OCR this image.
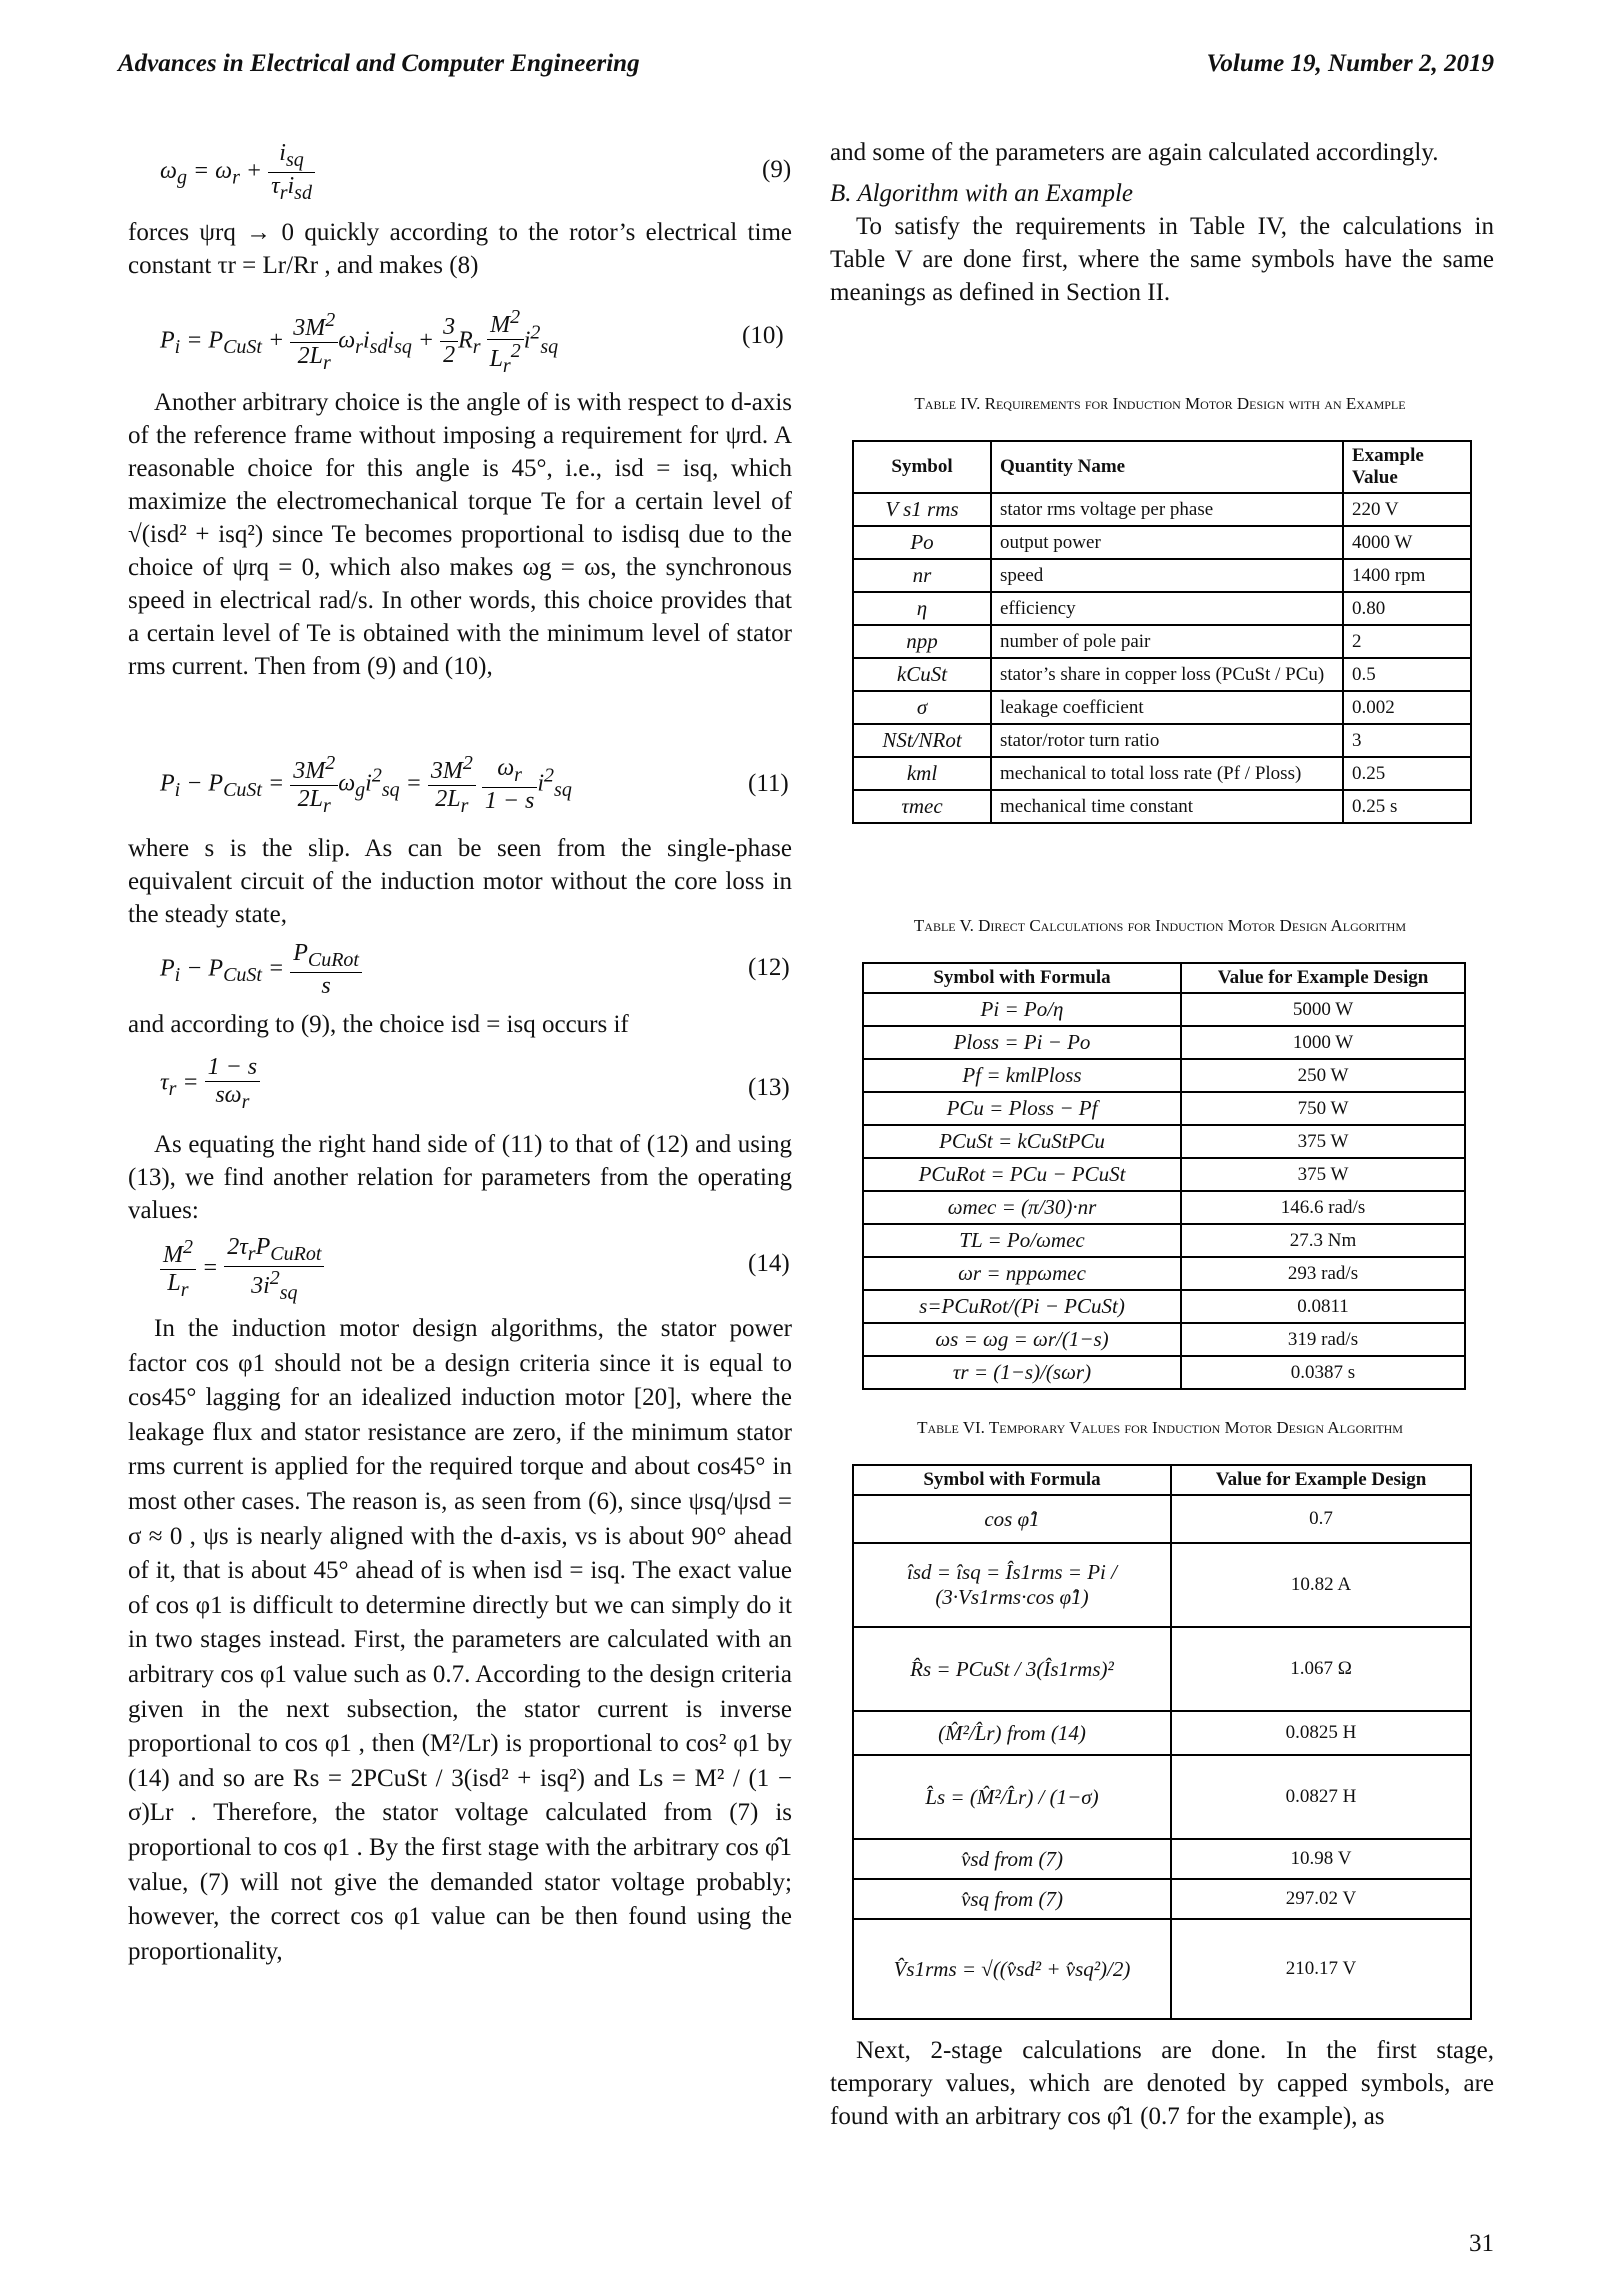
Advances in Electrical and Computer Engineering	Volume 19, Number 2, 2019
$\omega_g = \omega_r + \frac{i_{sq}}{\tau_ri_{sd}}$	(9)

forces ψrq → 0 quickly according to the rotor’s electrical time constant τr = Lr/Rr , and makes (8)

$P_i = P_{CuSt} + \frac{3M^2}{2L_r} \omega_ri_{sd}i_{sq} + \frac{3}{2} R_r \frac{M^2}{L_r^2} i^2_{sq}$	(10)

Another arbitrary choice is the angle of is with respect to d-axis of the reference frame without imposing a requirement for ψrd. A reasonable choice for this angle is 45°, i.e., isd = isq, which maximize the electromechanical torque Te for a certain level of √(isd² + isq²) since Te becomes proportional to isdisq due to the choice of ψrq = 0, which also makes ωg = ωs, the synchronous speed in electrical rad/s. In other words, this choice provides that a certain level of Te is obtained with the minimum level of stator rms current. Then from (9) and (10),

$P_i - P_{CuSt} = \frac{3M^2}{2L_r} \omega_gi^2_{sq} = \frac{3M^2}{2L_r}$
$\frac{\omega_r}{1 - s} i^2_{sq}$	(11)

where s is the slip. As can be seen from the single-phase equivalent circuit of the induction motor without the core loss in the steady state,

$P_i - P_{CuSt} = \frac{P_{CuRot}}{s}$	(12)

and according to (9), the choice isd = isq occurs if

$\tau_r = \frac{1 - s}{s\omega_r}$	(13)

As equating the right hand side of (11) to that of (12) and using (13), we find another relation for parameters from the operating values:

$\frac{M^2}{L_r} = \frac{2\tau_rP_{CuRot}}{3i^2_{sq}}$	(14)

In the induction motor design algorithms, the stator power factor cos φ1 should not be a design criteria since it is equal to cos45° lagging for an idealized induction motor [20], where the leakage flux and stator resistance are zero, if the minimum stator rms current is applied for the required torque and about cos45° in most other cases. The reason is, as seen from (6), since ψsq/ψsd = σ ≈ 0 , ψs is nearly aligned with the d-axis, vs is about 90° ahead of it, that is about 45° ahead of is when isd = isq. The exact value of cos φ1 is difficult to determine directly but we can simply do it in two stages instead. First, the parameters are calculated with an arbitrary cos φ1 value such as 0.7. According to the design criteria given in the next subsection, the stator current is inverse proportional to cos φ1 , then (M²/Lr) is proportional to cos² φ1 by (14) and so are Rs = 2PCuSt / 3(isd² + isq²) and Ls = M² / (1 − σ)Lr . Therefore, the stator voltage calculated from (7) is proportional to cos φ1 . By the first stage with the arbitrary cos φ̂1 value, (7) will not give the demanded stator voltage probably; however, the correct cos φ1 value can be then found using the proportionality,

and some of the parameters are again calculated accordingly.

B. Algorithm with an Example

To satisfy the requirements in Table IV, the calculations in Table V are done first, where the same symbols have the same meanings as defined in Section II.

Table IV. Requirements for Induction Motor Design with an Example
Symbol	Quantity Name	Example Value
V s1 rms	stator rms voltage per phase	220 V
Po	output power	4000 W
nr	speed	1400 rpm
η	efficiency	0.80
npp	number of pole pair	2
kCuSt	stator’s share in copper loss (PCuSt / PCu)	0.5
σ	leakage coefficient	0.002
NSt/NRot	stator/rotor turn ratio	3
kml	mechanical to total loss rate (Pf / Ploss)	0.25
τmec	mechanical time constant	0.25 s
Table V. Direct Calculations for Induction Motor Design Algorithm
Symbol with Formula	Value for Example Design
Pi = Po/η	5000 W
Ploss = Pi − Po	1000 W
Pf = kmlPloss	250 W
PCu = Ploss − Pf	750 W
PCuSt = kCuStPCu	375 W
PCuRot = PCu − PCuSt	375 W
ωmec = (π/30)·nr	146.6 rad/s
TL = Po/ωmec	27.3 Nm
ωr = nppωmec	293 rad/s
s=PCuRot/(Pi − PCuSt)	0.0811
ωs = ωg = ωr/(1−s)	319 rad/s
τr = (1−s)/(sωr)	0.0387 s
Table VI. Temporary Values for Induction Motor Design Algorithm
Symbol with Formula	Value for Example Design
cos φ̂1	0.7
îsd = îsq = Îs1rms = Pi / (3·Vs1rms·cos φ̂1)	10.82 A
R̂s = PCuSt / 3(Îs1rms)²	1.067 Ω
(M̂²/L̂r) from (14)	0.0825 H
L̂s = (M̂²/L̂r) / (1−σ)	0.0827 H
v̂sd from (7)	10.98 V
v̂sq from (7)	297.02 V
V̂s1rms = √((v̂sd² + v̂sq²)/2)	210.17 V

Next, 2-stage calculations are done. In the first stage, temporary values, which are denoted by capped symbols, are found with an arbitrary cos φ̂1 (0.7 for the example), as

31
